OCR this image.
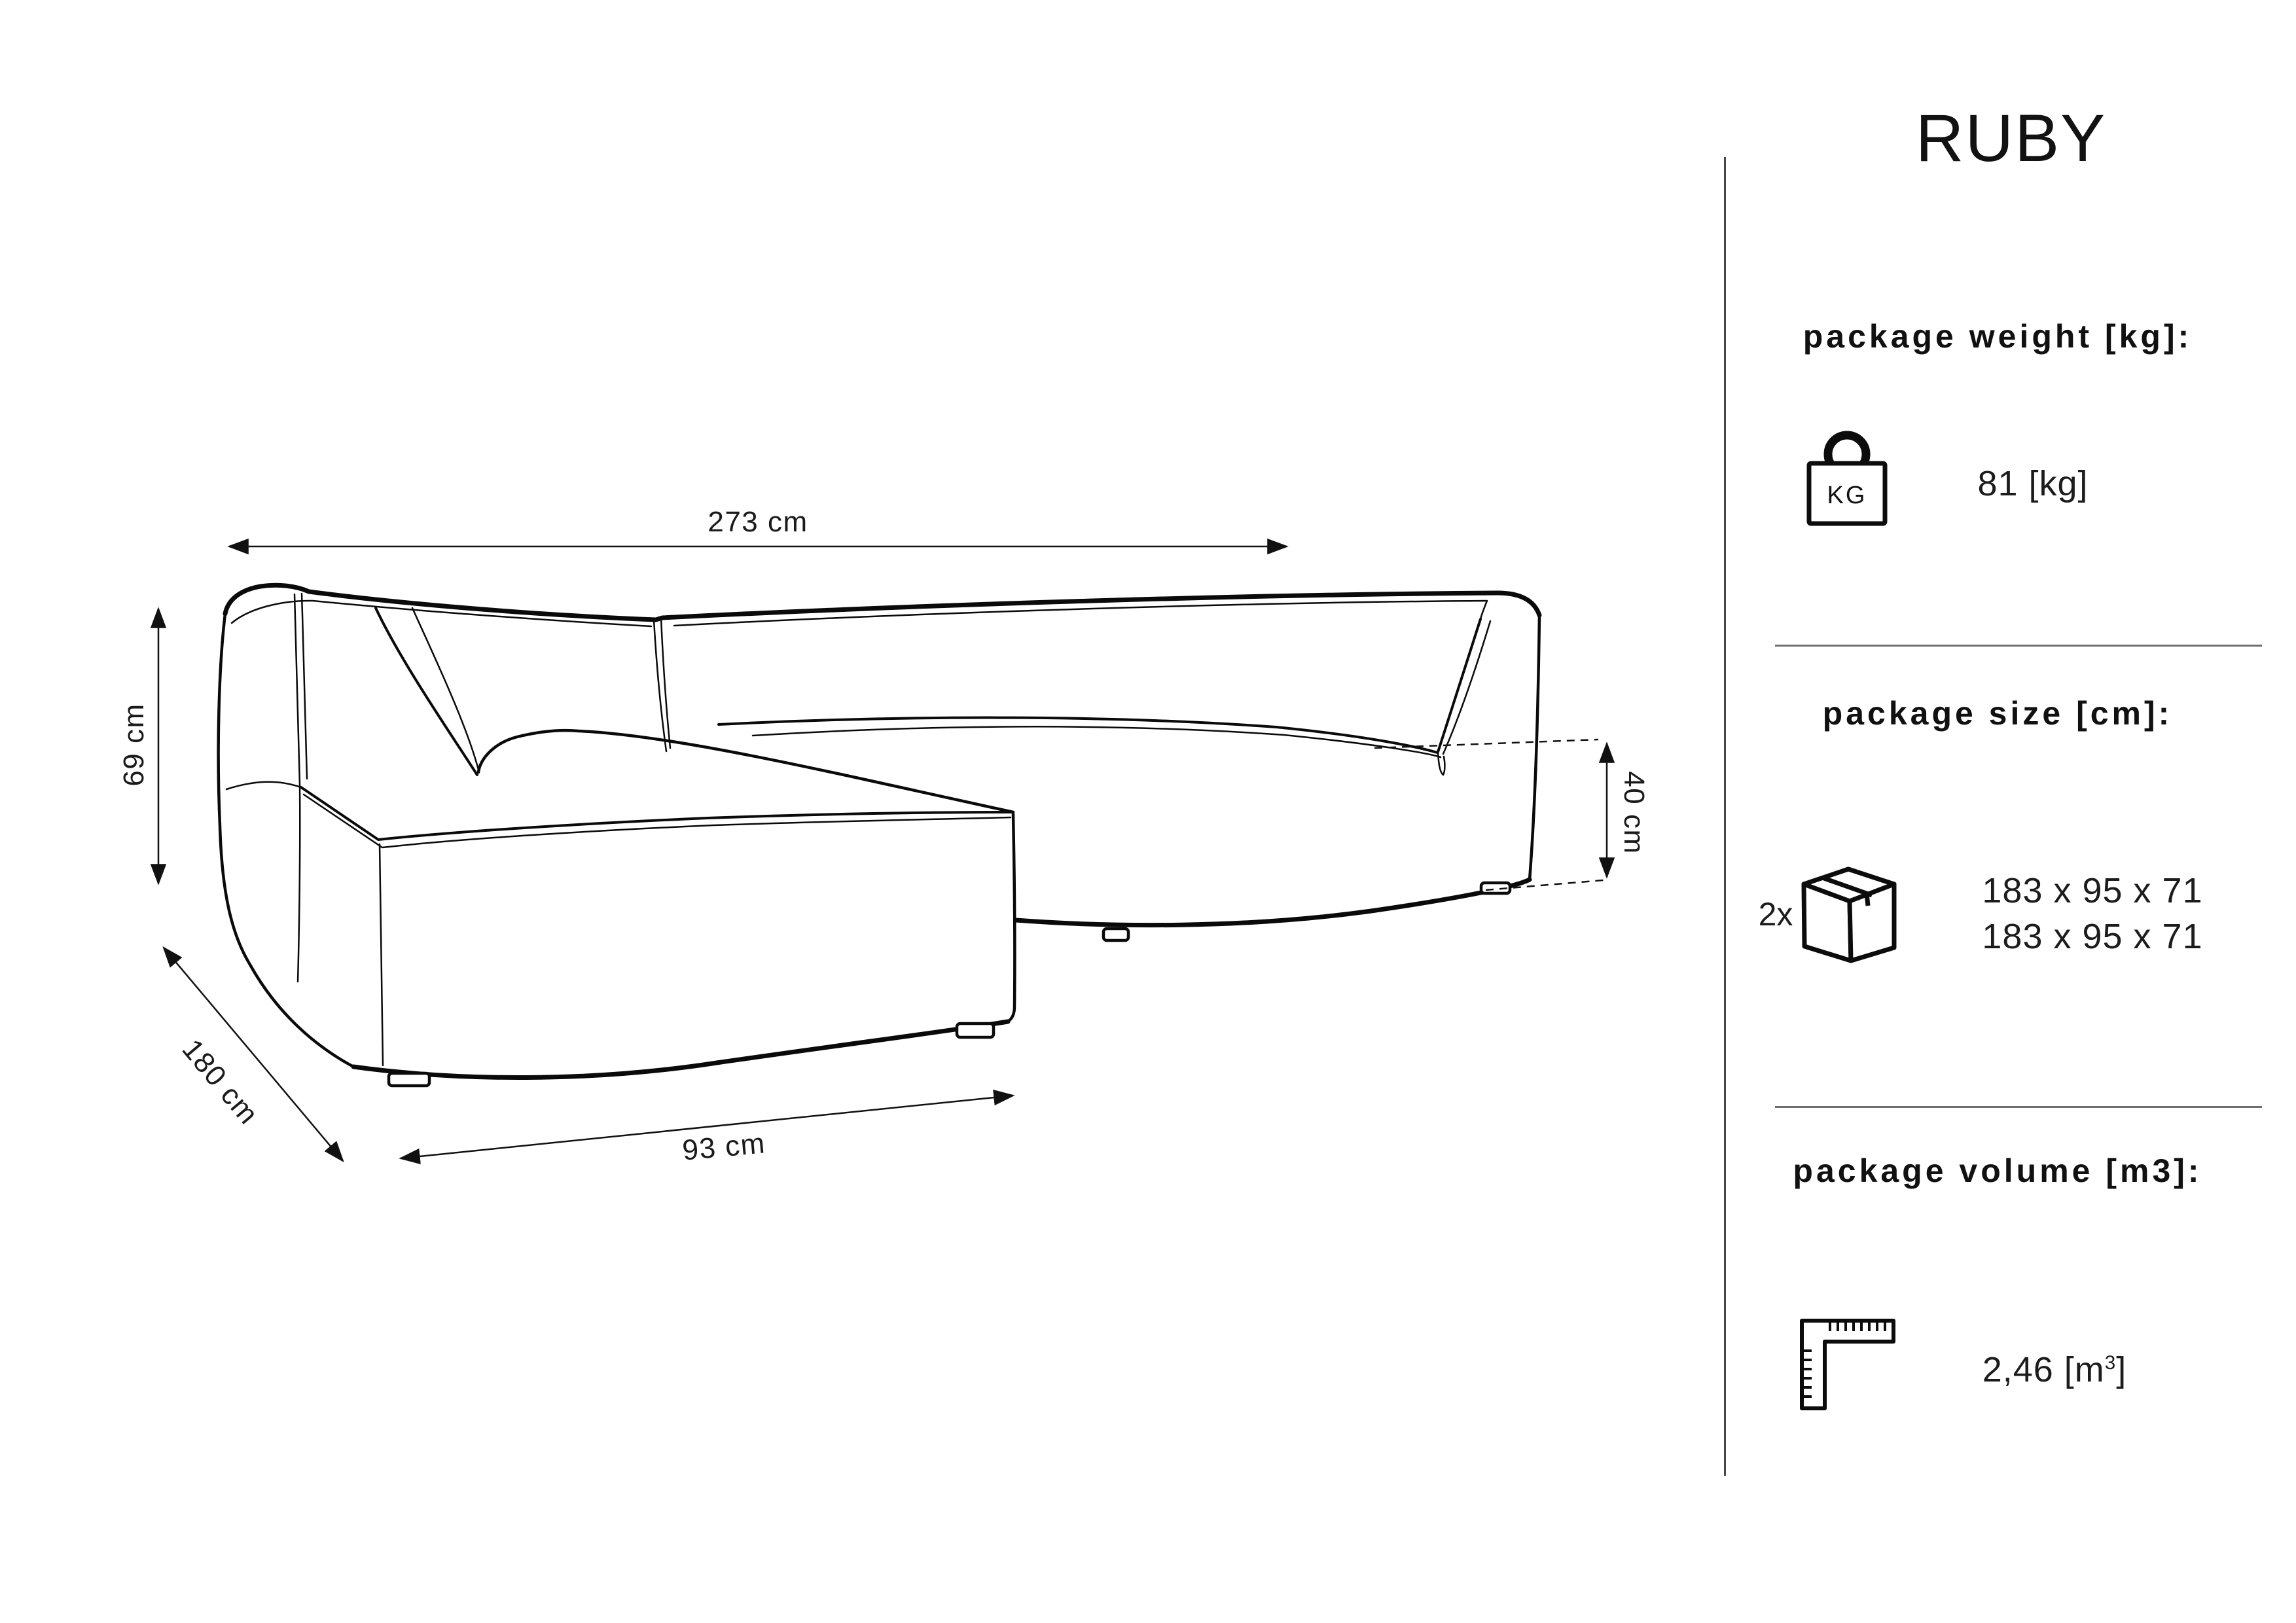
273 cm
69 cm
180 cm
93 cm
40 cm
RUBY
package weight [kg]:
KG	81 [kg]
package size [cm]:
2x
183 x 95 x 71
183 x 95 x 71
package volume [m3]:
2,46 $[m^3]$
